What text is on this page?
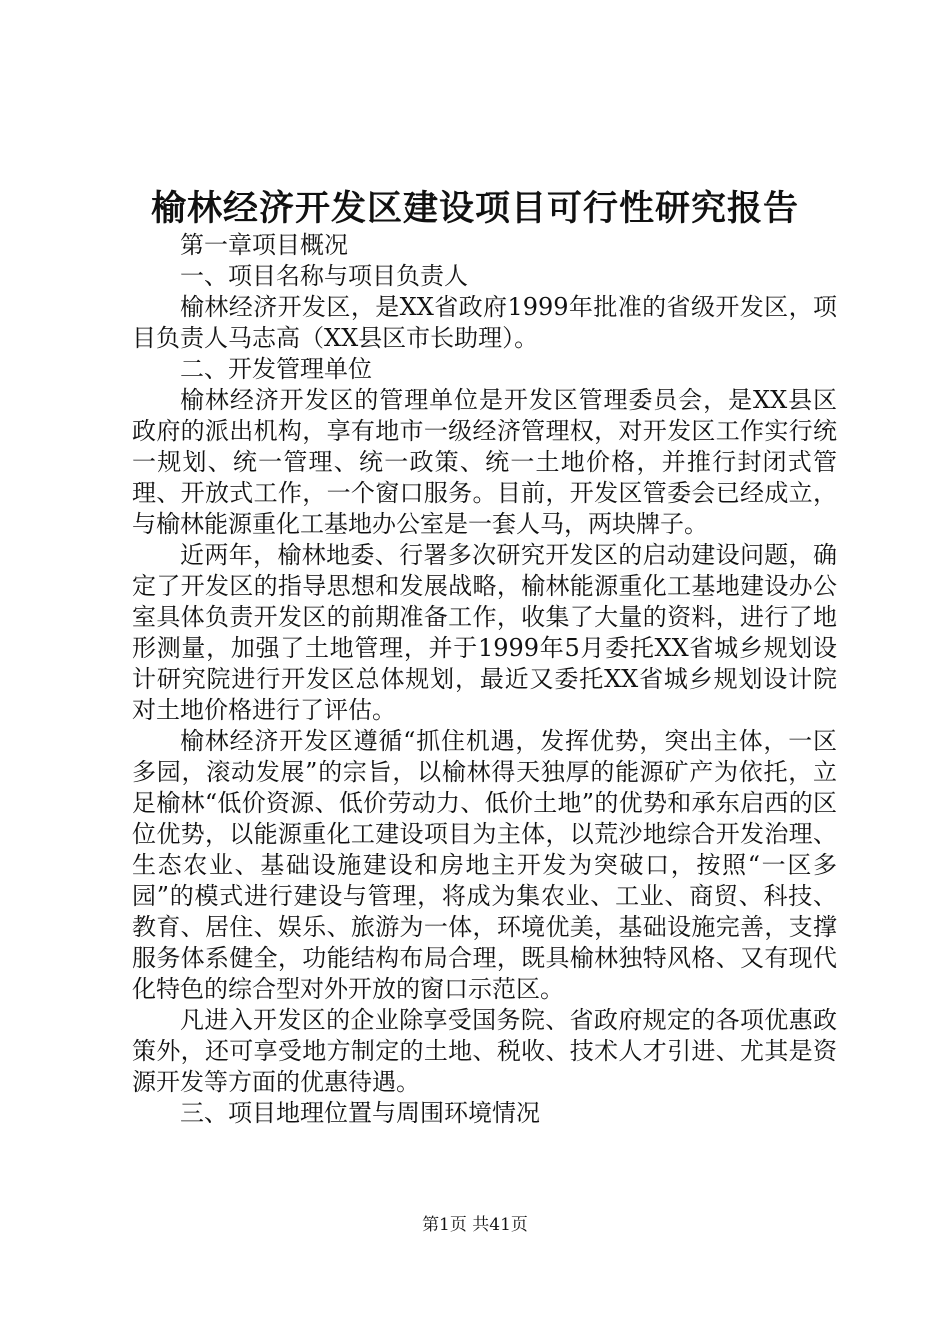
榆林经济开发区建设项目可行性研究报告

第一章项目概况

一、项目名称与项目负责人

榆林经济开发区，是XX省政府1999年批准的省级开发区，项目负责人马志高（XX县区市长助理）。

二、开发管理单位

榆林经济开发区的管理单位是开发区管理委员会，是XX县区政府的派出机构，享有地市一级经济管理权，对开发区工作实行统一规划、统一管理、统一政策、统一土地价格，并推行封闭式管理、开放式工作，一个窗口服务。目前，开发区管委会已经成立，与榆林能源重化工基地办公室是一套人马，两块牌子。

近两年，榆林地委、行署多次研究开发区的启动建设问题，确定了开发区的指导思想和发展战略，榆林能源重化工基地建设办公室具体负责开发区的前期准备工作，收集了大量的资料，进行了地形测量，加强了土地管理，并于1999年5月委托XX省城乡规划设计研究院进行开发区总体规划，最近又委托XX省城乡规划设计院对土地价格进行了评估。

榆林经济开发区遵循“抓住机遇，发挥优势，突出主体，一区多园，滚动发展”的宗旨，以榆林得天独厚的能源矿产为依托，立足榆林“低价资源、低价劳动力、低价土地”的优势和承东启西的区位优势，以能源重化工建设项目为主体，以荒沙地综合开发治理、生态农业、基础设施建设和房地主开发为突破口，按照“一区多园”的模式进行建设与管理，将成为集农业、工业、商贸、科技、教育、居住、娱乐、旅游为一体，环境优美，基础设施完善，支撑服务体系健全，功能结构布局合理，既具榆林独特风格、又有现代化特色的综合型对外开放的窗口示范区。

凡进入开发区的企业除享受国务院、省政府规定的各项优惠政策外，还可享受地方制定的土地、税收、技术人才引进、尤其是资源开发等方面的优惠待遇。

三、项目地理位置与周围环境情况

第1页 共41页
